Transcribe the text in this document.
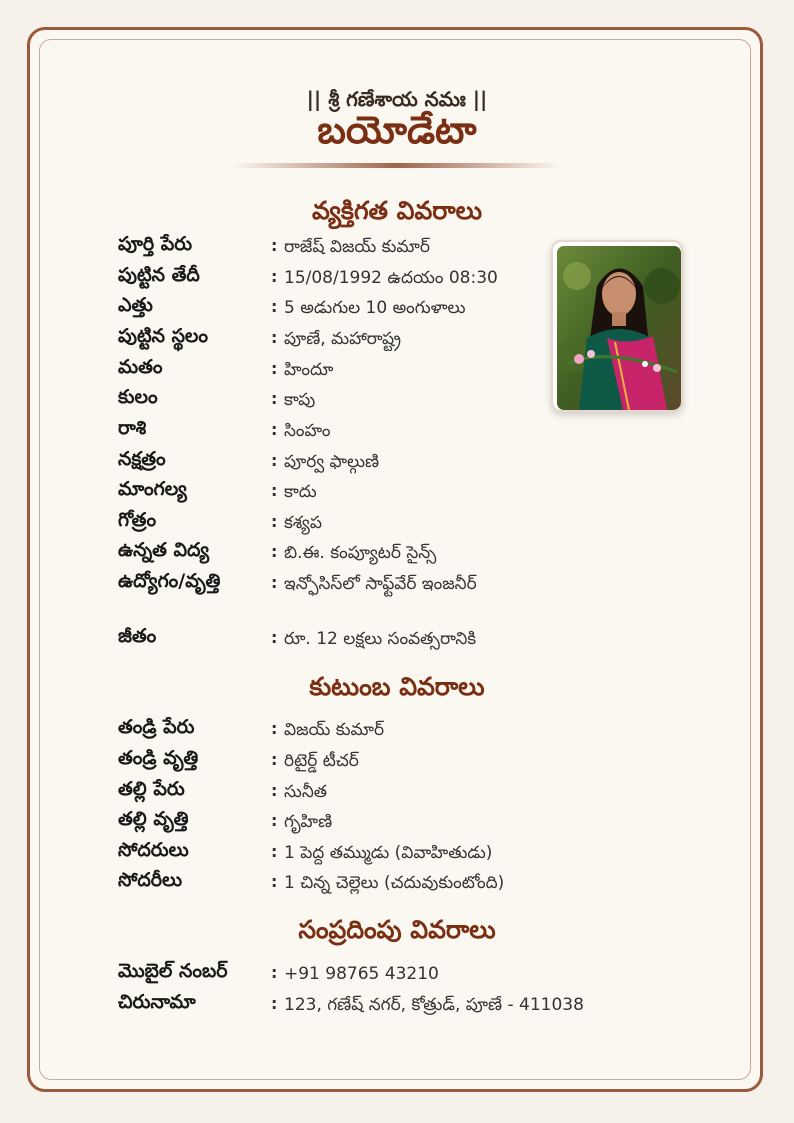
|| శ్రీ గణేశాయ నమః ||
బయోడేటా
వ్యక్తిగత వివరాలు
పూర్తి పేరు	: రాజేష్ విజయ్ కుమార్
పుట్టిన తేదీ	: 15/08/1992 ఉదయం 08:30
ఎత్తు	: 5 అడుగుల 10 అంగుళాలు
పుట్టిన స్థలం	: పూణే, మహారాష్ట్ర
మతం	: హిందూ
కులం	: కాపు
రాశి	: సింహం
నక్షత్రం	: పూర్వ ఫాల్గుణి
మాంగల్య	: కాదు
గోత్రం	: కశ్యప
ఉన్నత విద్య	: బి.ఈ. కంప్యూటర్ సైన్స్
ఉద్యోగం/వృత్తి	: ఇన్ఫోసిస్‌లో సాఫ్ట్‌వేర్ ఇంజనీర్
జీతం	: రూ. 12 లక్షలు సంవత్సరానికి
కుటుంబ వివరాలు
తండ్రి పేరు	: విజయ్ కుమార్
తండ్రి వృత్తి	: రిటైర్డ్ టీచర్
తల్లి పేరు	: సునీత
తల్లి వృత్తి	: గృహిణి
సోదరులు	: 1 పెద్ద తమ్ముడు (వివాహితుడు)
సోదరీలు	: 1 చిన్న చెల్లెలు (చదువుకుంటోంది)
సంప్రదింపు వివరాలు
మొబైల్ నంబర్	: +91 98765 43210
చిరునామా	: 123, గణేష్ నగర్, కోత్రుడ్, పూణే - 411038
